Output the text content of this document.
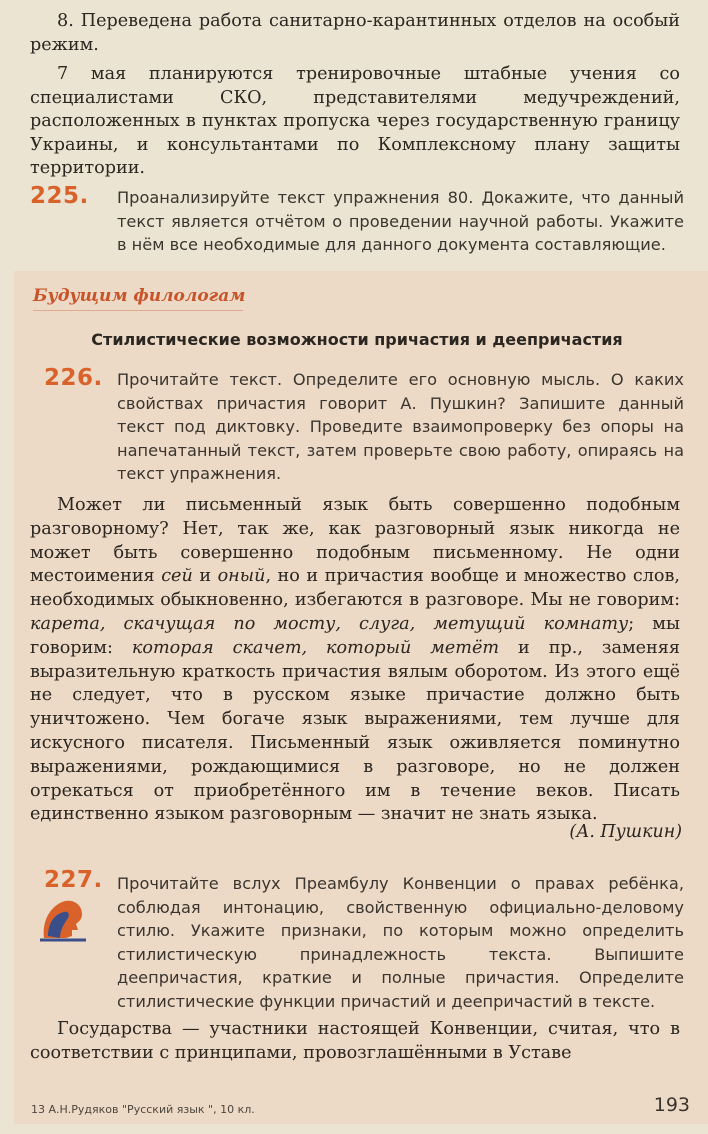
8. Переведена работа санитарно-карантинных отделов на особый режим.
7 мая планируются тренировочные штабные учения со специалистами СКО, представителями медучреждений, расположенных в пунктах пропуска через государственную границу Украины, и консультантами по Комплексному плану защиты территории.
225. Проанализируйте текст упражнения 80. Докажите, что данный текст является отчётом о проведении научной работы. Укажите в нём все необходимые для данного документа составляющие.
Будущим филологам
Стилистические возможности причастия и деепричастия
226. Прочитайте текст. Определите его основную мысль. О каких свойствах причастия говорит А. Пушкин? Запишите данный текст под диктовку. Проведите взаимопроверку без опоры на напечатанный текст, затем проверьте свою работу, опираясь на текст упражнения.
Может ли письменный язык быть совершенно подобным разговорному? Нет, так же, как разговорный язык никогда не может быть совершенно подобным письменному. Не одни местоимения сей и оный, но и причастия вообще и множество слов, необходимых обыкновенно, избегаются в разговоре. Мы не говорим: карета, скачущая по мосту, слуга, метущий комнату; мы говорим: которая скачет, который метёт и пр., заменяя выразительную краткость причастия вялым оборотом. Из этого ещё не следует, что в русском языке причастие должно быть уничтожено. Чем богаче язык выражениями, тем лучше для искусного писателя. Письменный язык оживляется поминутно выражениями, рождающимися в разговоре, но не должен отрекаться от приобретённого им в течение веков. Писать единственно языком разговорным — значит не знать языка.
(А. Пушкин)
227. Прочитайте вслух Преамбулу Конвенции о правах ребёнка, соблюдая интонацию, свойственную официально-деловому стилю. Укажите признаки, по которым можно определить стилистическую принадлежность текста. Выпишите деепричастия, краткие и полные причастия. Определите стилистические функции причастий и деепричастий в тексте.
Государства — участники настоящей Конвенции, считая, что в соответствии с принципами, провозглашёнными в Уставе
13 А.Н.Рудяков "Русский язык ", 10 кл.	193
